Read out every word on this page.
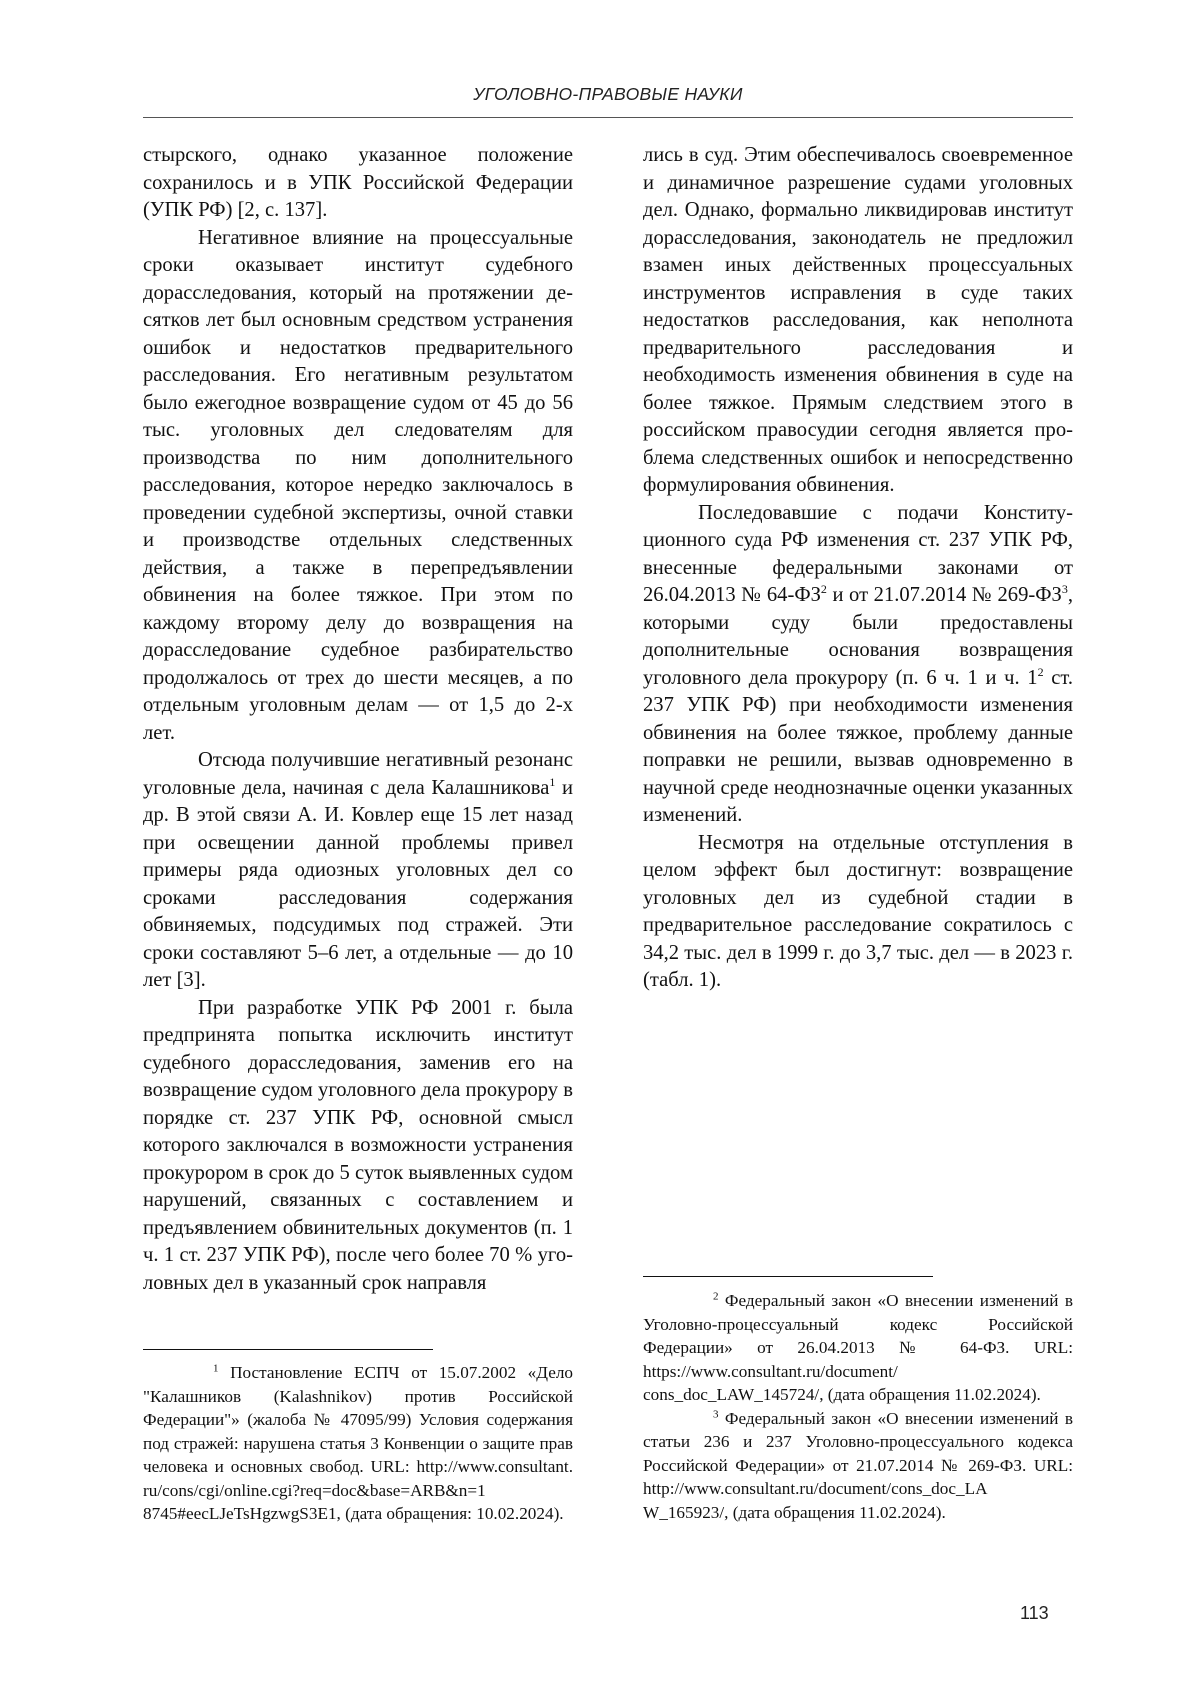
УГОЛОВНО-ПРАВОВЫЕ НАУКИ

стырского, однако указанное положение сохранилось и в УПК Российской Федерации (УПК РФ) [2, с. 137].

Негативное влияние на процессуальные сроки оказывает институт судебного дорасследования, который на протяжении десятков лет был основным средством устранения ошибок и недостатков предварительного расследования. Его негативным результатом было ежегодное возвращение судом от 45 до 56 тыс. уголовных дел следователям для производства по ним дополнительного расследования, которое нередко заключалось в проведении судебной экспертизы, очной ставки и производстве отдельных следственных действия, а также в перепредъявлении обвинения на более тяжкое. При этом по каждому второму делу до возвращения на дорасследование судебное разбирательство продолжалось от трех до шести месяцев, а по отдельным уголовным делам — от 1,5 до 2-х лет.

Отсюда получившие негативный резонанс уголовные дела, начиная с дела Калашникова$^1$ и др. В этой связи А. И. Ковлер еще 15 лет назад при освещении данной проблемы привел примеры ряда одиозных уголовных дел со сроками расследования содержания обвиняемых, подсудимых под стражей. Эти сроки составляют 5–6 лет, а отдельные — до 10 лет [3].

При разработке УПК РФ 2001 г. была предпринята попытка исключить институт судебного дорасследования, заменив его на возвращение судом уголовного дела прокурору в порядке ст. 237 УПК РФ, основной смысл которого заключался в возможности устранения прокурором в срок до 5 суток выявленных судом нарушений, связанных с составлением и предъявлением обвинительных документов (п. 1 ч. 1 ст. 237 УПК РФ), после чего более 70 % уголовных дел в указанный срок направля

лись в суд. Этим обеспечивалось своевременное и динамичное разрешение судами уголовных дел. Однако, формально ликвидировав институт дорасследования, законодатель не предложил взамен иных действенных процессуальных инструментов исправления в суде таких недостатков расследования, как неполнота предварительного расследования и необходимость изменения обвинения в суде на более тяжкое. Прямым следствием этого в российском правосудии сегодня является проблема следственных ошибок и непосредственно формулирования обвинения.

Последовавшие с подачи Конституционного суда РФ изменения ст. 237 УПК РФ, внесенные федеральными законами от 26.04.2013 № $64-ФЗ^2$ и от 21.07.2014 № $269-ФЗ^3$, которыми суду были предоставлены дополнительные основания возвращения уголовного дела прокурору (п. 6 ч. 1 и ч. $1^2$ ст. 237 УПК РФ) при необходимости изменения обвинения на более тяжкое, проблему данные поправки не решили, вызвав одновременно в научной среде неоднозначные оценки указанных изменений.

Несмотря на отдельные отступления в целом эффект был достигнут: возвращение уголовных дел из судебной стадии в предварительное расследование сократилось с 34,2 тыс. дел в 1999 г. до 3,7 тыс. дел — в 2023 г. (табл. 1).

$^1$ Постановление ЕСПЧ от 15.07.2002 «Дело "Калашников (Kalashnikov) против Российской Федерации"» (жалоба № 47095/99) Условия содержания под стражей: нарушена статья 3 Конвенции о защите прав человека и основных свобод. URL: http://www.consultant. ru/cons/cgi/online.cgi?req=doc&base=ARB&n=1 8745#eecLJeTsHgzwgS3E1, (дата обращения: 10.02.2024).

$^2$ Федеральный закон «О внесении изменений в Уголовно-процессуальный кодекс Российской Федерации» от 26.04.2013 № 64-ФЗ. URL: https://www.consultant.ru/document/ cons_doc_LAW_145724/, (дата обращения 11.02.2024).

$^3$ Федеральный закон «О внесении изменений в статьи 236 и 237 Уголовно-процессуального кодекса Российской Федерации» от 21.07.2014 № 269-ФЗ. URL: http://www.consultant.ru/document/cons_doc_LA W_165923/, (дата обращения 11.02.2024).

113
